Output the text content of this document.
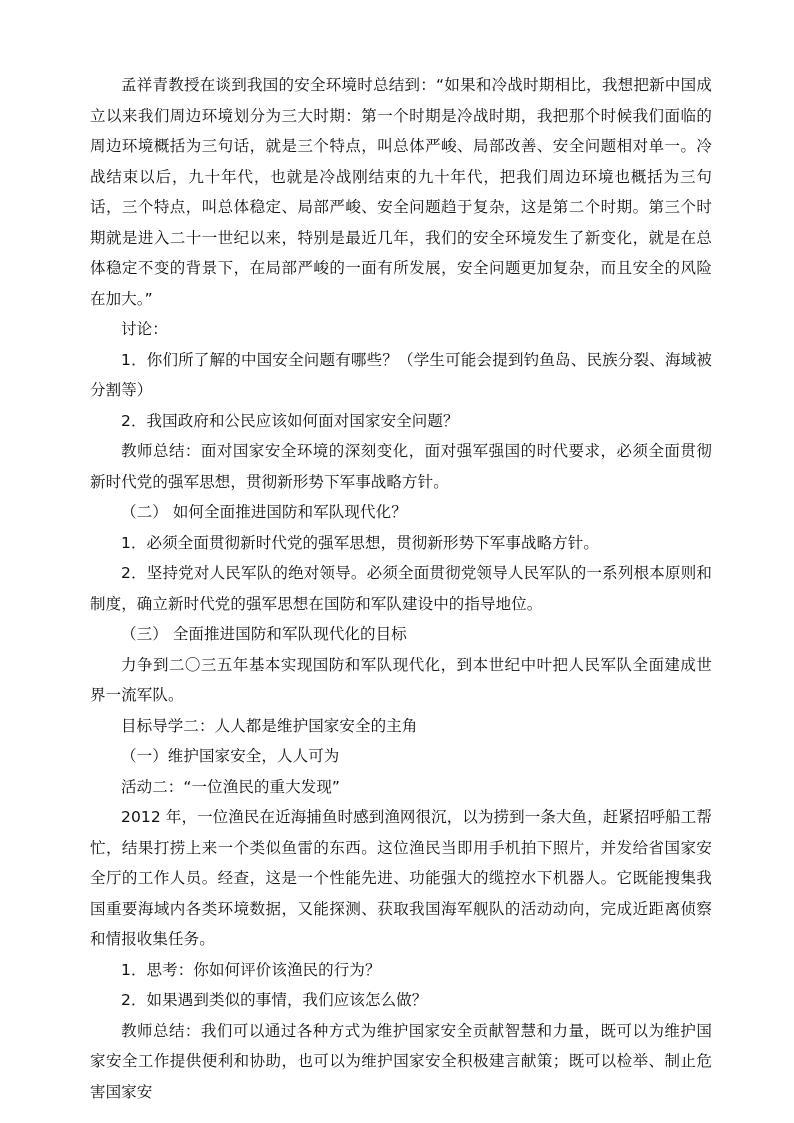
孟祥青教授在谈到我国的安全环境时总结到：“如果和冷战时期相比，我想把新中国成立以来我们周边环境划分为三大时期：第一个时期是冷战时期，我把那个时候我们面临的周边环境概括为三句话，就是三个特点，叫总体严峻、局部改善、安全问题相对单一。冷战结束以后，九十年代，也就是冷战刚结束的九十年代，把我们周边环境也概括为三句话，三个特点，叫总体稳定、局部严峻、安全问题趋于复杂，这是第二个时期。第三个时期就是进入二十一世纪以来，特别是最近几年，我们的安全环境发生了新变化，就是在总体稳定不变的背景下，在局部严峻的一面有所发展，安全问题更加复杂，而且安全的风险在加大。”

讨论：

1．你们所了解的中国安全问题有哪些？（学生可能会提到钓鱼岛、民族分裂、海域被分割等）

2．我国政府和公民应该如何面对国家安全问题？

教师总结：面对国家安全环境的深刻变化，面对强军强国的时代要求，必须全面贯彻新时代党的强军思想，贯彻新形势下军事战略方针。

（二） 如何全面推进国防和军队现代化？

1．必须全面贯彻新时代党的强军思想，贯彻新形势下军事战略方针。

2．坚持党对人民军队的绝对领导。必须全面贯彻党领导人民军队的一系列根本原则和制度，确立新时代党的强军思想在国防和军队建设中的指导地位。

（三） 全面推进国防和军队现代化的目标

力争到二〇三五年基本实现国防和军队现代化，到本世纪中叶把人民军队全面建成世界一流军队。

目标导学二：人人都是维护国家安全的主角

（一）维护国家安全，人人可为

活动二：“一位渔民的重大发现”

2012 年，一位渔民在近海捕鱼时感到渔网很沉，以为捞到一条大鱼，赶紧招呼船工帮忙，结果打捞上来一个类似鱼雷的东西。这位渔民当即用手机拍下照片，并发给省国家安全厅的工作人员。经查，这是一个性能先进、功能强大的缆控水下机器人。它既能搜集我国重要海域内各类环境数据，又能探测、获取我国海军舰队的活动动向，完成近距离侦察和情报收集任务。

1．思考：你如何评价该渔民的行为？

2．如果遇到类似的事情，我们应该怎么做？

教师总结：我们可以通过各种方式为维护国家安全贡献智慧和力量，既可以为维护国家安全工作提供便利和协助，也可以为维护国家安全积极建言献策；既可以检举、制止危害国家安
